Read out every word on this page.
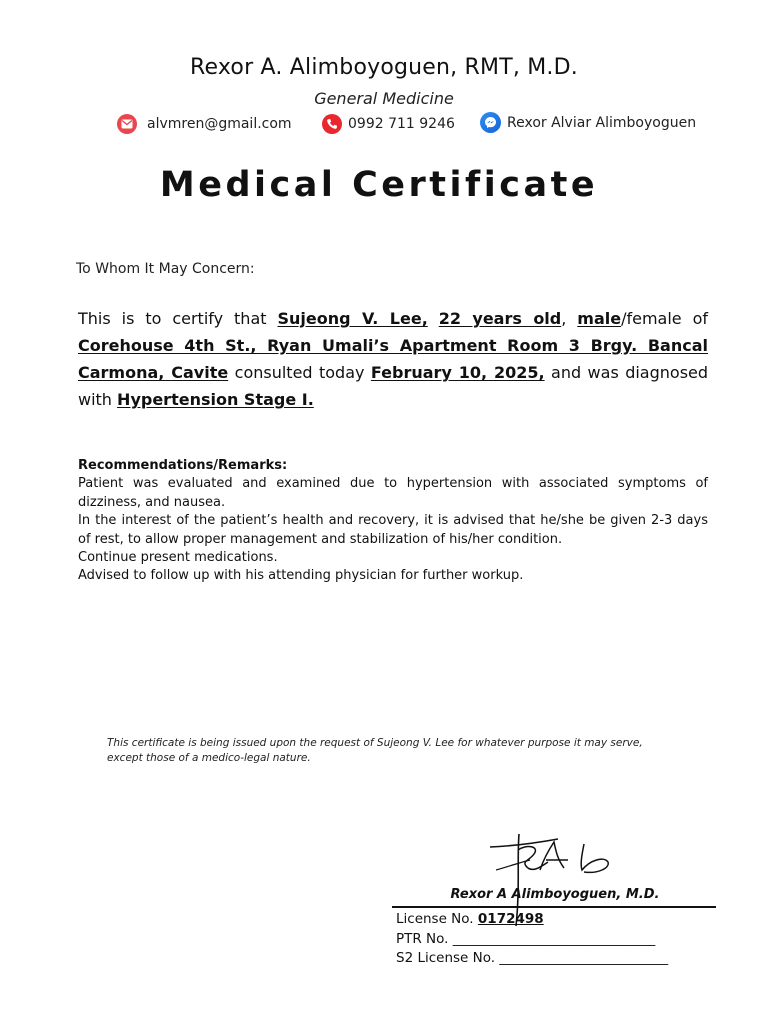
Rexor A. Alimboyoguen, RMT, M.D.
General Medicine
alvmren@gmail.com	0992 711 9246	Rexor Alviar Alimboyoguen
Medical Certificate
To Whom It May Concern:
This is to certify that Sujeong V. Lee, 22 years old, male/female of Corehouse 4th St., Ryan Umali’s Apartment Room 3 Brgy. Bancal Carmona, Cavite consulted today February 10, 2025, and was diagnosed with Hypertension Stage I.
Recommendations/Remarks:
Patient was evaluated and examined due to hypertension with associated symptoms of dizziness, and nausea.
In the interest of the patient’s health and recovery, it is advised that he/she be given 2-3 days of rest, to allow proper management and stabilization of his/her condition.
Continue present medications.
Advised to follow up with his attending physician for further workup.
This certificate is being issued upon the request of Sujeong V. Lee for whatever purpose it may serve, except those of a medico-legal nature.
Rexor A Alimboyoguen, M.D.
License No. 0172498
PTR No. ______________________________
S2 License No. _________________________
